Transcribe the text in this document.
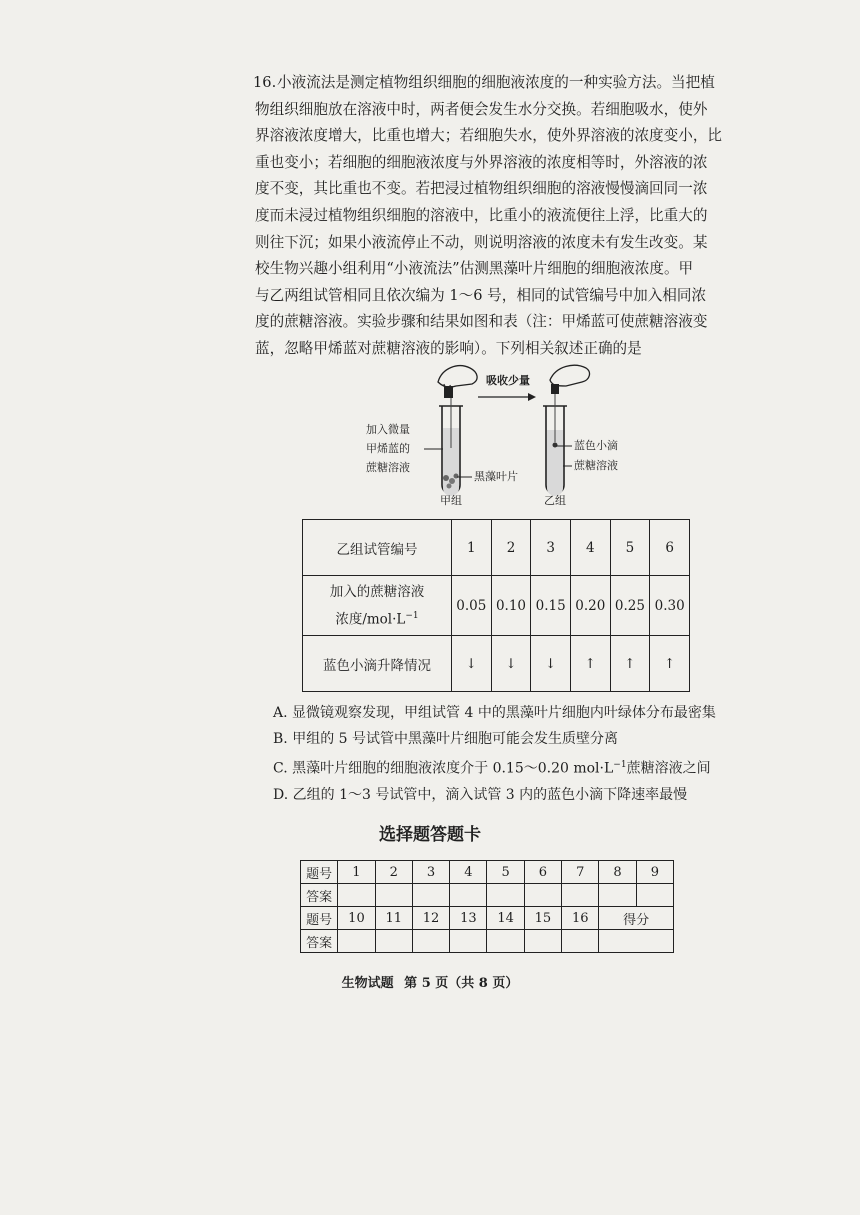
16. 小液流法是测定植物组织细胞的细胞液浓度的一种实验方法。当把植
物组织细胞放在溶液中时，两者便会发生水分交换。若细胞吸水，使外
界溶液浓度增大，比重也增大；若细胞失水，使外界溶液的浓度变小，比
重也变小；若细胞的细胞液浓度与外界溶液的浓度相等时，外溶液的浓
度不变，其比重也不变。若把浸过植物组织细胞的溶液慢慢滴回同一浓
度而未浸过植物组织细胞的溶液中，比重小的液流便往上浮，比重大的
则往下沉；如果小液流停止不动，则说明溶液的浓度未有发生改变。某
校生物兴趣小组利用“小液流法”估测黑藻叶片细胞的细胞液浓度。甲
与乙两组试管相同且依次编为 1～6 号，相同的试管编号中加入相同浓
度的蔗糖溶液。实验步骤和结果如图和表（注：甲烯蓝可使蔗糖溶液变
蓝，忽略甲烯蓝对蔗糖溶液的影响）。下列相关叙述正确的是
吸收少量
加入微量
甲烯蓝的
蔗糖溶液
黑藻叶片
蓝色小滴
蔗糖溶液
甲组	乙组
乙组试管编号	1	2	3	4	5	6

加入的蔗糖溶液
浓度$/mol\cdot L^{-1}$	0.05	0.10	0.15	0.20	0.25	0.30
蓝色小滴升降情况	↓	↓	↓	↑	↑	↑
A. 显微镜观察发现，甲组试管 4 中的黑藻叶片细胞内叶绿体分布最密集
B. 甲组的 5 号试管中黑藻叶片细胞可能会发生质壁分离
C. 黑藻叶片细胞的细胞液浓度介于 0.15～0.20 $mol\cdot L^{-1}$蔗糖溶液之间
D. 乙组的 1～3 号试管中，滴入试管 3 内的蓝色小滴下降速率最慢
选择题答题卡
题号	1	2	3	4	5	6	7	8	9
答案									
题号	10	11	12	13	14	15	16	得分	
答案									
生物试题 第 5 页（共 8 页）
